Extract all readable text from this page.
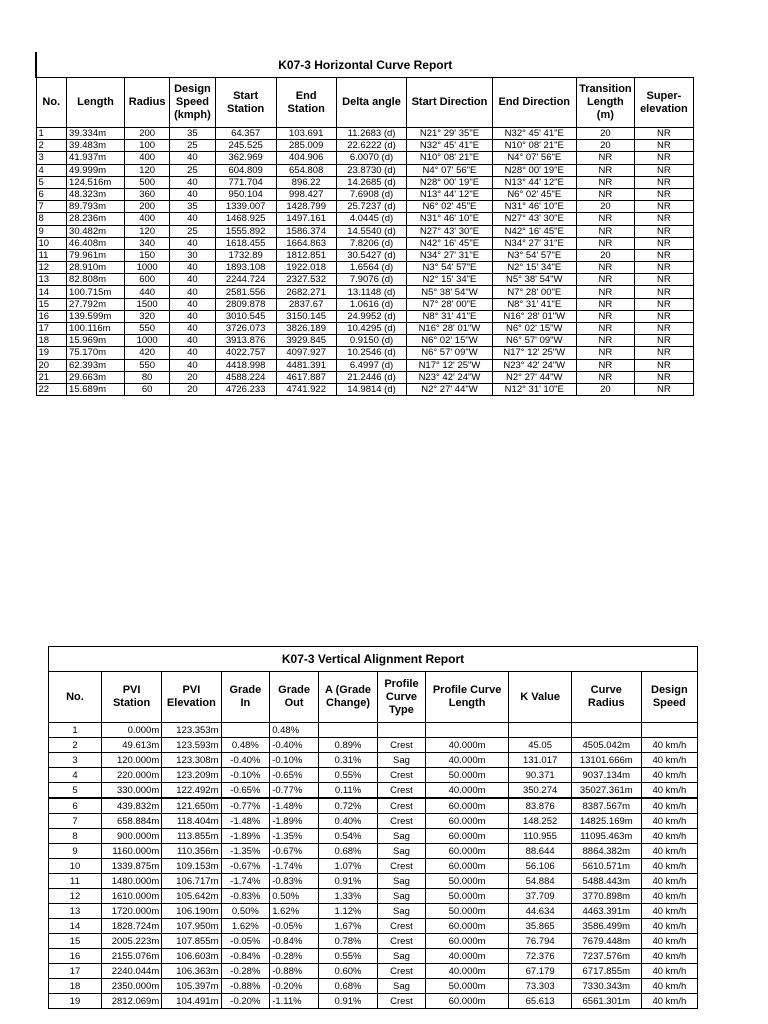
K07-3 Horizontal Curve Report										
No.	Length	Radius	Design Speed (kmph)	Start Station	End Station	Delta angle	Start Direction	End Direction	Transition Length (m)	Super-elevation
1	39.334m	200	35	64.357	103.691	11.2683 (d)	N21° 29' 35"E	N32° 45' 41"E	20	NR
2	39.483m	100	25	245.525	285.009	22.6222 (d)	N32° 45' 41"E	N10° 08' 21"E	20	NR
3	41.937m	400	40	362.969	404.906	6.0070 (d)	N10° 08' 21"E	N4° 07' 56"E	NR	NR
4	49.999m	120	25	604.809	654.808	23.8730 (d)	N4° 07' 56"E	N28° 00' 19"E	NR	NR
5	124.516m	500	40	771.704	896.22	14.2685 (d)	N28° 00' 19"E	N13° 44' 12"E	NR	NR
6	48.323m	360	40	950.104	998.427	7.6908 (d)	N13° 44' 12"E	N6° 02' 45"E	NR	NR
7	89.793m	200	35	1339.007	1428.799	25.7237 (d)	N6° 02' 45"E	N31° 46' 10"E	20	NR
8	28.236m	400	40	1468.925	1497.161	4.0445 (d)	N31° 46' 10"E	N27° 43' 30"E	NR	NR
9	30.482m	120	25	1555.892	1586.374	14.5540 (d)	N27° 43' 30"E	N42° 16' 45"E	NR	NR
10	46.408m	340	40	1618.455	1664.863	7.8206 (d)	N42° 16' 45"E	N34° 27' 31"E	NR	NR
11	79.961m	150	30	1732.89	1812.851	30.5427 (d)	N34° 27' 31"E	N3° 54' 57"E	20	NR
12	28.910m	1000	40	1893.108	1922.018	1.6564 (d)	N3° 54' 57"E	N2° 15' 34"E	NR	NR
13	82.808m	600	40	2244.724	2327.532	7.9076 (d)	N2° 15' 34"E	N5° 38' 54"W	NR	NR
14	100.715m	440	40	2581.556	2682.271	13.1148 (d)	N5° 38' 54"W	N7° 28' 00"E	NR	NR
15	27.792m	1500	40	2809.878	2837.67	1.0616 (d)	N7° 28' 00"E	N8° 31' 41"E	NR	NR
16	139.599m	320	40	3010.545	3150.145	24.9952 (d)	N8° 31' 41"E	N16° 28' 01"W	NR	NR
17	100.116m	550	40	3726.073	3826.189	10.4295 (d)	N16° 28' 01"W	N6° 02' 15"W	NR	NR
18	15.969m	1000	40	3913.876	3929.845	0.9150 (d)	N6° 02' 15"W	N6° 57' 09"W	NR	NR
19	75.170m	420	40	4022.757	4097.927	10.2546 (d)	N6° 57' 09"W	N17° 12' 25"W	NR	NR
20	62.393m	550	40	4418.998	4481.391	6.4997 (d)	N17° 12' 25"W	N23° 42' 24"W	NR	NR
21	29.663m	80	20	4588.224	4617.887	21.2446 (d)	N23° 42' 24"W	N2° 27' 44"W	NR	NR
22	15.689m	60	20	4726.233	4741.922	14.9814 (d)	N2° 27' 44"W	N12° 31' 10"E	20	NR
K07-3 Vertical Alignment Report										
No.	PVI Station	PVI Elevation	Grade In	Grade Out	A (Grade Change)	Profile Curve Type	Profile Curve Length	K Value	Curve Radius	Design Speed
1	0.000m	123.353m		0.48%						
2	49.613m	123.593m	0.48%	-0.40%	0.89%	Crest	40.000m	45.05	4505.042m	40 km/h
3	120.000m	123.308m	-0.40%	-0.10%	0.31%	Sag	40.000m	131.017	13101.666m	40 km/h
4	220.000m	123.209m	-0.10%	-0.65%	0.55%	Crest	50.000m	90.371	9037.134m	40 km/h
5	330.000m	122.492m	-0.65%	-0.77%	0.11%	Crest	40.000m	350.274	35027.361m	40 km/h
6	439.832m	121.650m	-0.77%	-1.48%	0.72%	Crest	60.000m	83.876	8387.567m	40 km/h
7	658.884m	118.404m	-1.48%	-1.89%	0.40%	Crest	60.000m	148.252	14825.169m	40 km/h
8	900.000m	113.855m	-1.89%	-1.35%	0.54%	Sag	60.000m	110.955	11095.463m	40 km/h
9	1160.000m	110.356m	-1.35%	-0.67%	0.68%	Sag	60.000m	88.644	8864.382m	40 km/h
10	1339.875m	109.153m	-0.67%	-1.74%	1.07%	Crest	60.000m	56.106	5610.571m	40 km/h
11	1480.000m	106.717m	-1.74%	-0.83%	0.91%	Sag	50.000m	54.884	5488.443m	40 km/h
12	1610.000m	105.642m	-0.83%	0.50%	1.33%	Sag	50.000m	37.709	3770.898m	40 km/h
13	1720.000m	106.190m	0.50%	1.62%	1.12%	Sag	50.000m	44.634	4463.391m	40 km/h
14	1828.724m	107.950m	1.62%	-0.05%	1.67%	Crest	60.000m	35.865	3586.499m	40 km/h
15	2005.223m	107.855m	-0.05%	-0.84%	0.78%	Crest	60.000m	76.794	7679.448m	40 km/h
16	2155.076m	106.603m	-0.84%	-0.28%	0.55%	Sag	40.000m	72.376	7237.576m	40 km/h
17	2240.044m	106.363m	-0.28%	-0.88%	0.60%	Crest	40.000m	67.179	6717.855m	40 km/h
18	2350.000m	105.397m	-0.88%	-0.20%	0.68%	Sag	50.000m	73.303	7330.343m	40 km/h
19	2812.069m	104.491m	-0.20%	-1.11%	0.91%	Crest	60.000m	65.613	6561.301m	40 km/h
